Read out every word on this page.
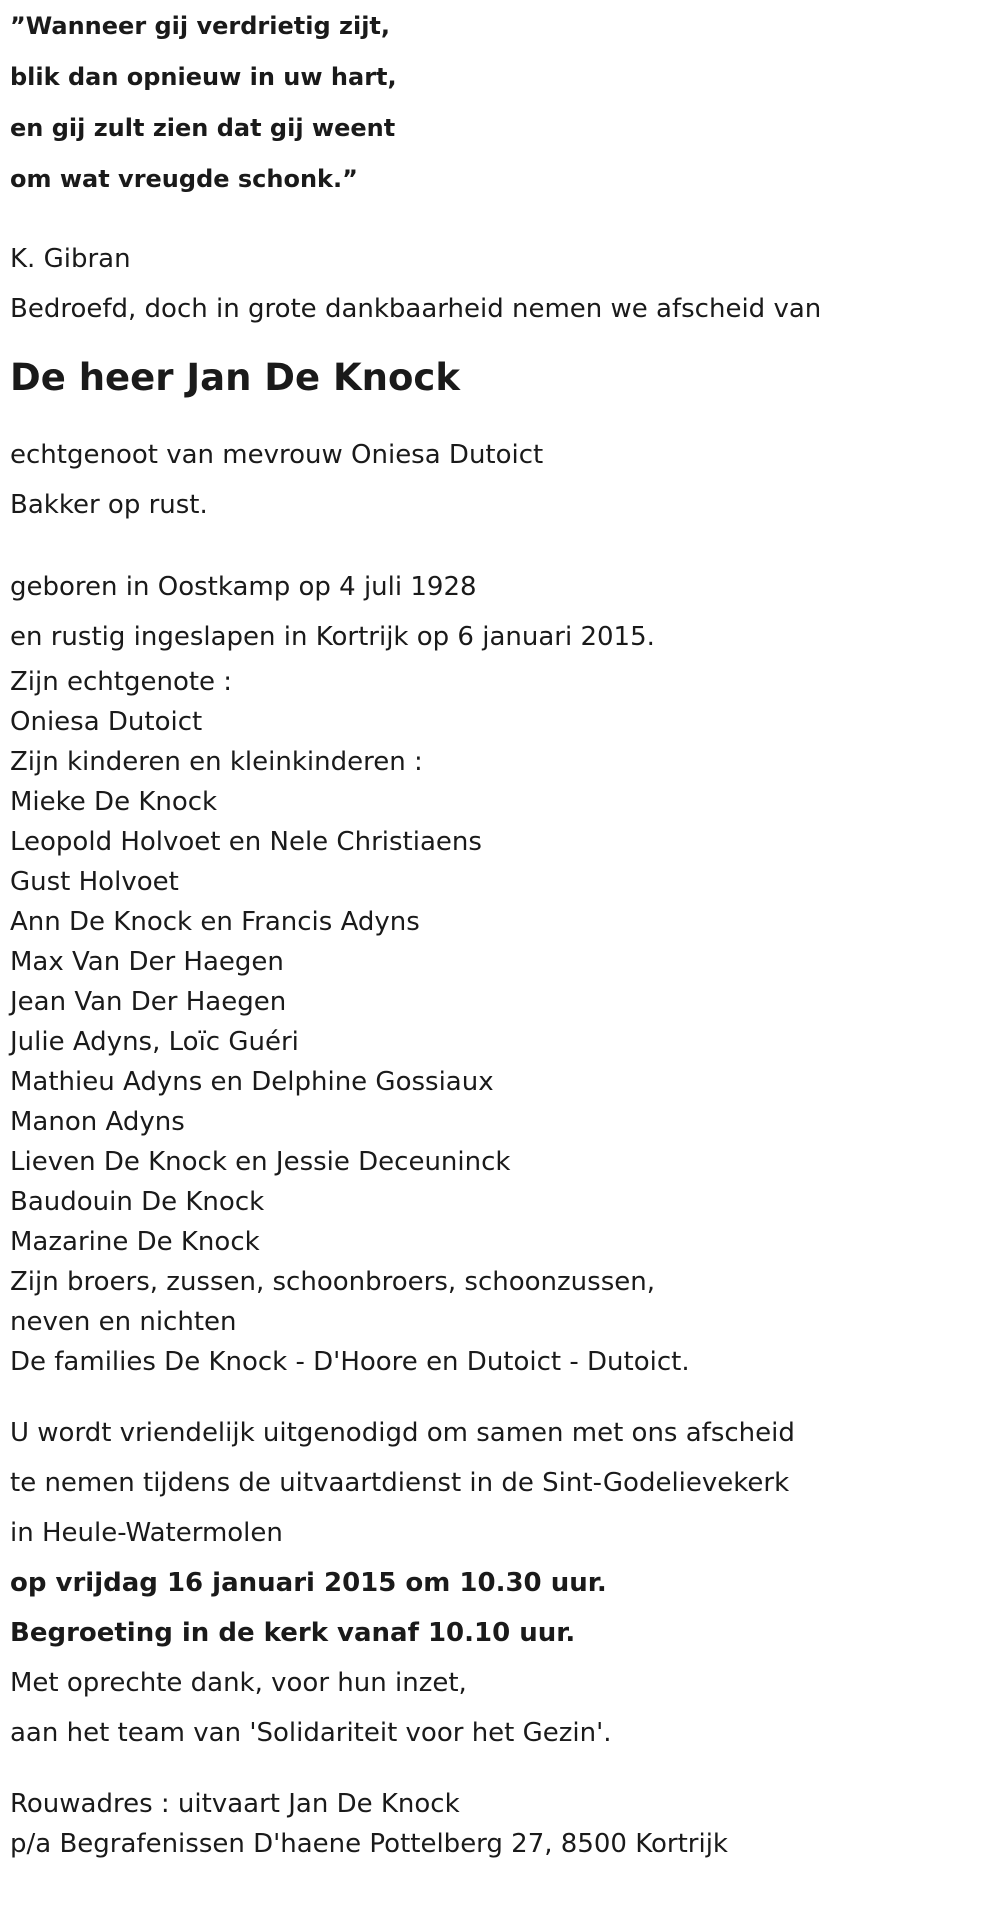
”Wanneer gij verdrietig zijt,
blik dan opnieuw in uw hart,
en gij zult zien dat gij weent
om wat vreugde schonk.”
K. Gibran
Bedroefd, doch in grote dankbaarheid nemen we afscheid van
De heer Jan De Knock
echtgenoot van mevrouw Oniesa Dutoict
Bakker op rust.
geboren in Oostkamp op 4 juli 1928
en rustig ingeslapen in Kortrijk op 6 januari 2015.
Zijn echtgenote :
Oniesa Dutoict
Zijn kinderen en kleinkinderen :
Mieke De Knock
Leopold Holvoet en Nele Christiaens
Gust Holvoet
Ann De Knock en Francis Adyns
Max Van Der Haegen
Jean Van Der Haegen
Julie Adyns, Loïc Guéri
Mathieu Adyns en Delphine Gossiaux
Manon Adyns
Lieven De Knock en Jessie Deceuninck
Baudouin De Knock
Mazarine De Knock
Zijn broers, zussen, schoonbroers, schoonzussen,
neven en nichten
De families De Knock - D'Hoore en Dutoict - Dutoict.
U wordt vriendelijk uitgenodigd om samen met ons afscheid
te nemen tijdens de uitvaartdienst in de Sint-Godelievekerk
in Heule-Watermolen
op vrijdag 16 januari 2015 om 10.30 uur.
Begroeting in de kerk vanaf 10.10 uur.
Met oprechte dank, voor hun inzet,
aan het team van 'Solidariteit voor het Gezin'.
Rouwadres : uitvaart Jan De Knock
p/a Begrafenissen D'haene Pottelberg 27, 8500 Kortrijk
